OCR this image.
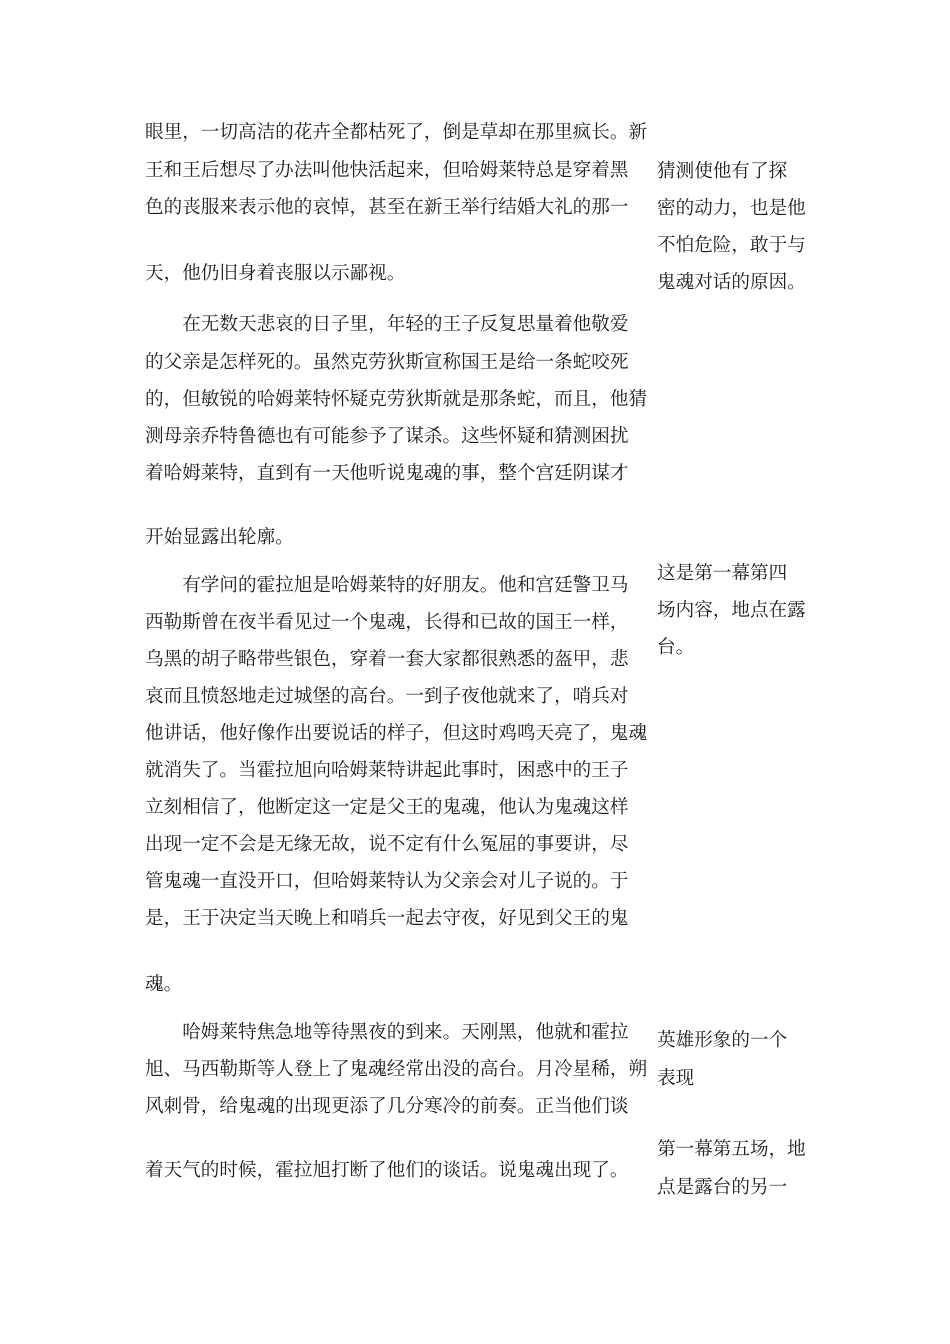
眼里，一切高洁的花卉全都枯死了，倒是草却在那里疯长。新
王和王后想尽了办法叫他快活起来，但哈姆莱特总是穿着黑
色的丧服来表示他的哀悼，甚至在新王举行结婚大礼的那一
天，他仍旧身着丧服以示鄙视。
　　在无数天悲哀的日子里，年轻的王子反复思量着他敬爱
的父亲是怎样死的。虽然克劳狄斯宣称国王是给一条蛇咬死
的，但敏锐的哈姆莱特怀疑克劳狄斯就是那条蛇，而且，他猜
测母亲乔特鲁德也有可能参予了谋杀。这些怀疑和猜测困扰
着哈姆莱特，直到有一天他听说鬼魂的事，整个宫廷阴谋才
开始显露出轮廓。
　　有学问的霍拉旭是哈姆莱特的好朋友。他和宫廷警卫马
西勒斯曾在夜半看见过一个鬼魂，长得和已故的国王一样，
乌黑的胡子略带些银色，穿着一套大家都很熟悉的盔甲，悲
哀而且愤怒地走过城堡的高台。一到子夜他就来了，哨兵对
他讲话，他好像作出要说话的样子，但这时鸡鸣天亮了，鬼魂
就消失了。当霍拉旭向哈姆莱特讲起此事时，困惑中的王子
立刻相信了，他断定这一定是父王的鬼魂，他认为鬼魂这样
出现一定不会是无缘无故，说不定有什么冤屈的事要讲，尽
管鬼魂一直没开口，但哈姆莱特认为父亲会对儿子说的。于
是，王于决定当天晚上和哨兵一起去守夜，好见到父王的鬼
魂。
　　哈姆莱特焦急地等待黑夜的到来。天刚黑，他就和霍拉
旭、马西勒斯等人登上了鬼魂经常出没的高台。月冷星稀，朔
风刺骨，给鬼魂的出现更添了几分寒冷的前奏。正当他们谈
着天气的时候，霍拉旭打断了他们的谈话。说鬼魂出现了。
猜测使他有了探
密的动力，也是他
不怕危险，敢于与
鬼魂对话的原因。
这是第一幕第四
场内容，地点在露
台。
英雄形象的一个
表现
第一幕第五场，地
点是露台的另一
